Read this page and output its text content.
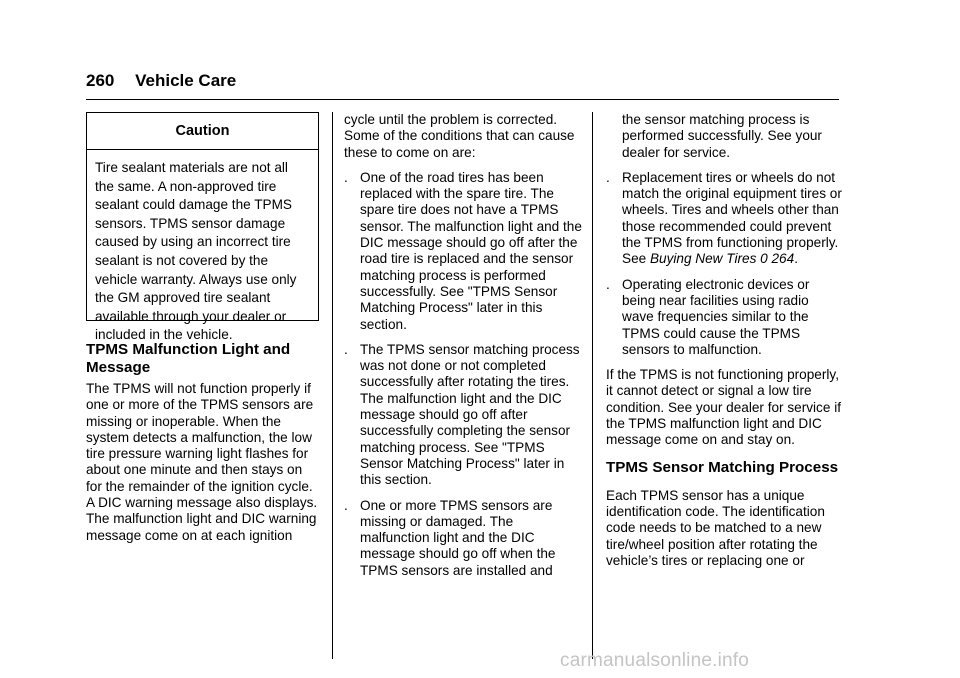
260 Vehicle Care
Caution
Tire sealant materials are not all the same. A non-approved tire sealant could damage the TPMS sensors. TPMS sensor damage caused by using an incorrect tire sealant is not covered by the vehicle warranty. Always use only the GM approved tire sealant available through your dealer or included in the vehicle.
TPMS Malfunction Light and Message
The TPMS will not function properly if one or more of the TPMS sensors are missing or inoperable. When the system detects a malfunction, the low tire pressure warning light flashes for about one minute and then stays on for the remainder of the ignition cycle. A DIC warning message also displays. The malfunction light and DIC warning message come on at each ignition

cycle until the problem is corrected. Some of the conditions that can cause these to come on are:

. One of the road tires has been replaced with the spare tire. The spare tire does not have a TPMS sensor. The malfunction light and the DIC message should go off after the road tire is replaced and the sensor matching process is performed successfully. See "TPMS Sensor Matching Process" later in this section.
. The TPMS sensor matching process was not done or not completed successfully after rotating the tires. The malfunction light and the DIC message should go off after successfully completing the sensor matching process. See "TPMS Sensor Matching Process" later in this section.
. One or more TPMS sensors are missing or damaged. The malfunction light and the DIC message should go off when the TPMS sensors are installed and
the sensor matching process is performed successfully. See your dealer for service.
. Replacement tires or wheels do not match the original equipment tires or wheels. Tires and wheels other than those recommended could prevent the TPMS from functioning properly. See Buying New Tires 0 264.
. Operating electronic devices or being near facilities using radio wave frequencies similar to the TPMS could cause the TPMS sensors to malfunction.

If the TPMS is not functioning properly, it cannot detect or signal a low tire condition. See your dealer for service if the TPMS malfunction light and DIC message come on and stay on.

TPMS Sensor Matching Process

Each TPMS sensor has a unique identification code. The identification code needs to be matched to a new tire/wheel position after rotating the vehicle’s tires or replacing one or

carmanualsonline.info
